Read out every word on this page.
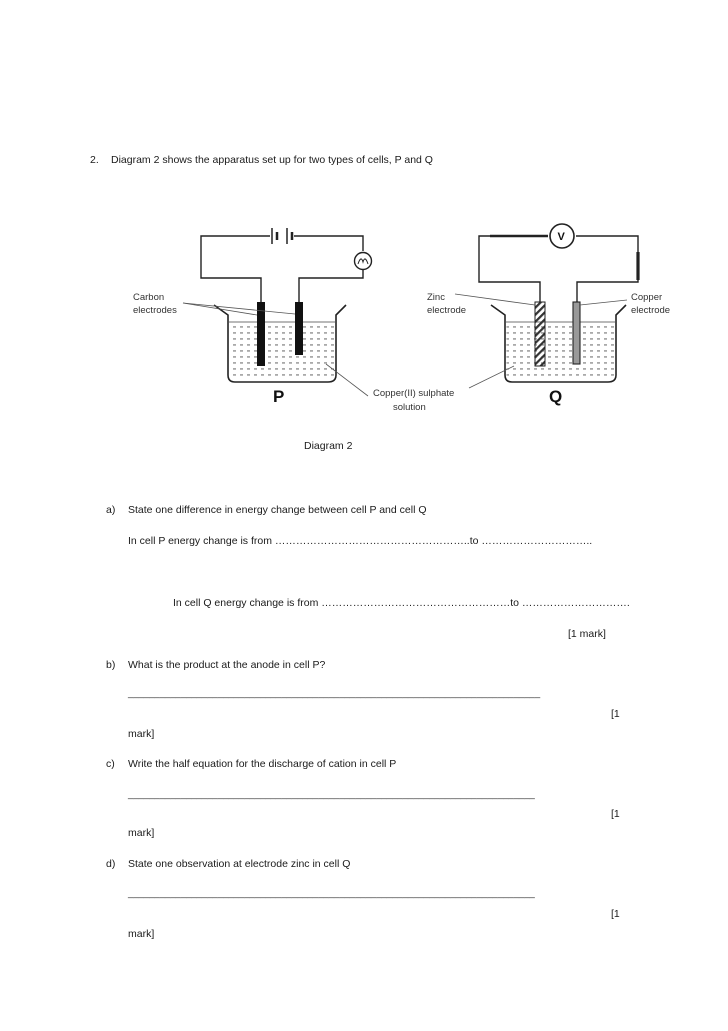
2. Diagram 2 shows the apparatus set up for two types of cells, P and Q
Carbon
electrodes
P
V
Zinc
electrode
Copper
electrode
Q
Copper(II) sulphate
solution
Diagram 2
a) State one difference in energy change between cell P and cell Q
In cell P energy change is from ………………………………………………..to …………………………..
In cell Q energy change is from ………………………………………………to ………………………….
[1 mark]
b) What is the product at the anode in cell P?
______________________________________________________________________________
[1
mark]
c) Write the half equation for the discharge of cation in cell P
_____________________________________________________________________________
[1
mark]
d) State one observation at electrode zinc in cell Q
_____________________________________________________________________________
[1
mark]
